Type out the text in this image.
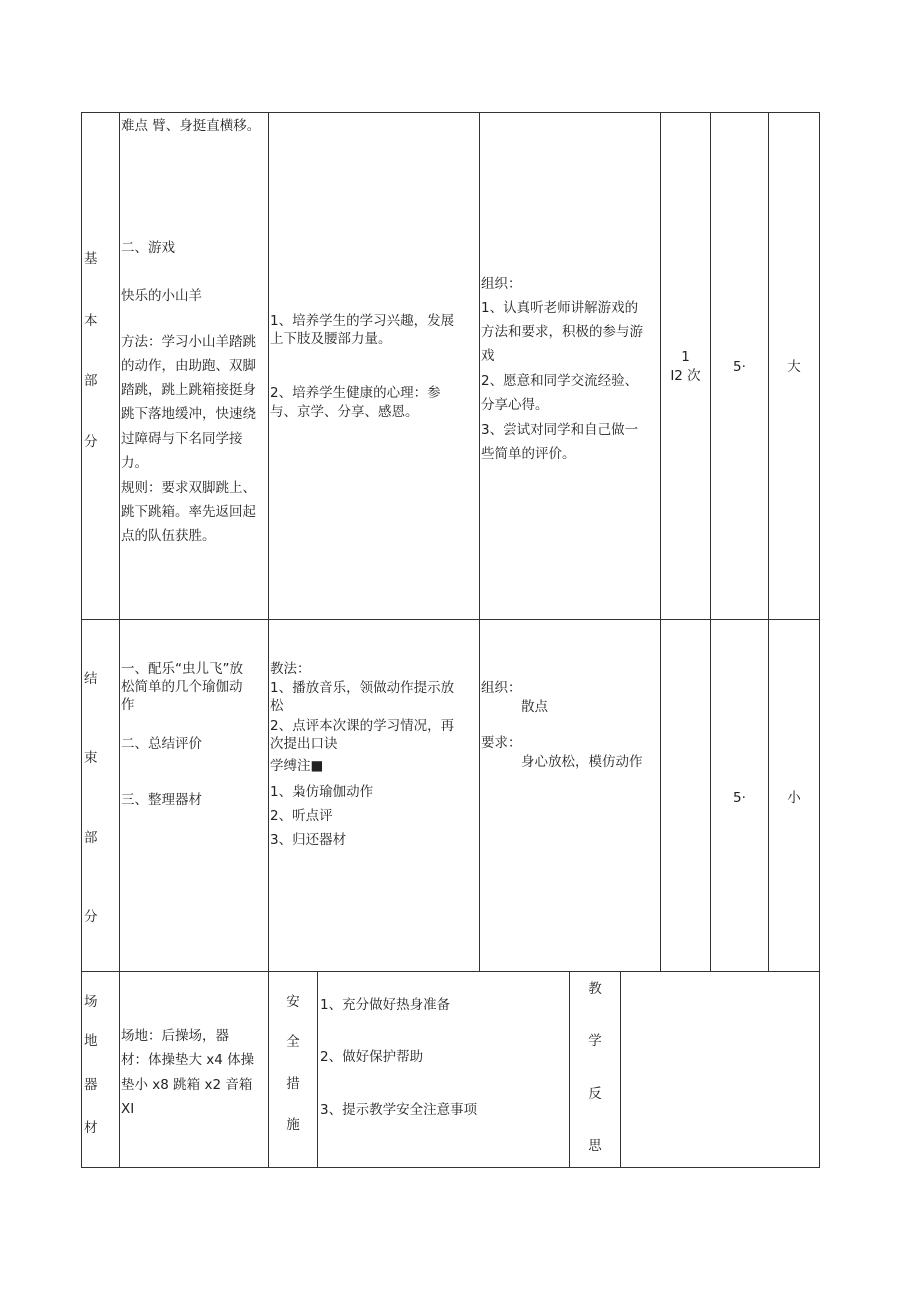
基
本
部
分
难点 臂、身挺直横移。
二、游戏
快乐的小山羊
方法：学习小山羊踏跳
的动作，由助跑、双脚
踏跳，跳上跳箱接挺身
跳下落地缓冲，快速绕
过障碍与下名同学接
力。
规则：要求双脚跳上、
跳下跳箱。率先返回起
点的队伍获胜。
1、培养学生的学习兴趣，发展
上下肢及腰部力量。
2、培养学生健康的心理：参
与、京学、分享、感恩。
组织：
1、认真听老师讲解游戏的
方法和要求，积极的参与游
戏
2、愿意和同学交流经验、
分享心得。
3、尝试对同学和自己做一
些简单的评价。
1
I2 次
5·	大
结
束
部
分
一、配乐“虫儿飞”放
松简单的几个瑜伽动
作
二、总结评价
三、整理器材
教法：
1、播放音乐，领做动作提示放
松
2、点评本次课的学习情况，再
次提出口诀
学缚注■
1、枭仿瑜伽动作
2、听点评
3、归还器材
组织：
散点
要求：
身心放松，模仿动作
5·	小
场
地
器
材
场地：后操场，器
材：体操垫大 x4 体操
垫小 x8 跳箱 x2 音箱
XI
安
全
措
施
1、充分做好热身准备
2、做好保护帮助
3、提示教学安全注意事项
教
学
反
思
